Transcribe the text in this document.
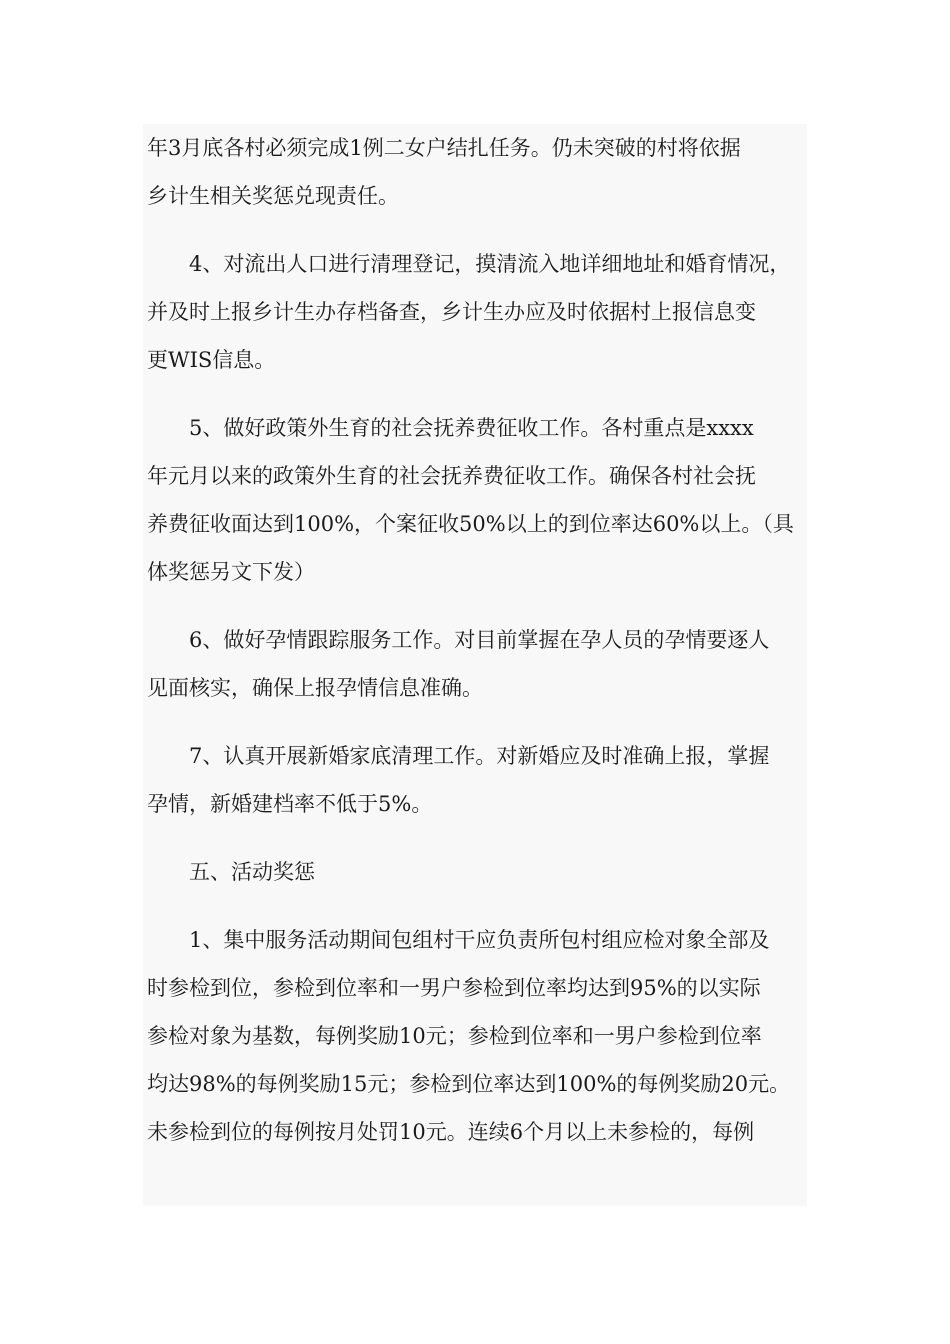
年3月底各村必须完成1例二女户结扎任务。仍未突破的村将依据
乡计生相关奖惩兑现责任。

4、对流出人口进行清理登记，摸清流入地详细地址和婚育情况，
并及时上报乡计生办存档备查，乡计生办应及时依据村上报信息变
更WIS信息。

5、做好政策外生育的社会抚养费征收工作。各村重点是xxxx
年元月以来的政策外生育的社会抚养费征收工作。确保各村社会抚
养费征收面达到100%，个案征收50%以上的到位率达60%以上。（具
体奖惩另文下发）

6、做好孕情跟踪服务工作。对目前掌握在孕人员的孕情要逐人
见面核实，确保上报孕情信息准确。

7、认真开展新婚家底清理工作。对新婚应及时准确上报，掌握
孕情，新婚建档率不低于5%。

五、活动奖惩

1、集中服务活动期间包组村干应负责所包村组应检对象全部及
时参检到位，参检到位率和一男户参检到位率均达到95%的以实际
参检对象为基数，每例奖励10元；参检到位率和一男户参检到位率
均达98%的每例奖励15元；参检到位率达到100%的每例奖励20元。
未参检到位的每例按月处罚10元。连续6个月以上未参检的，每例
